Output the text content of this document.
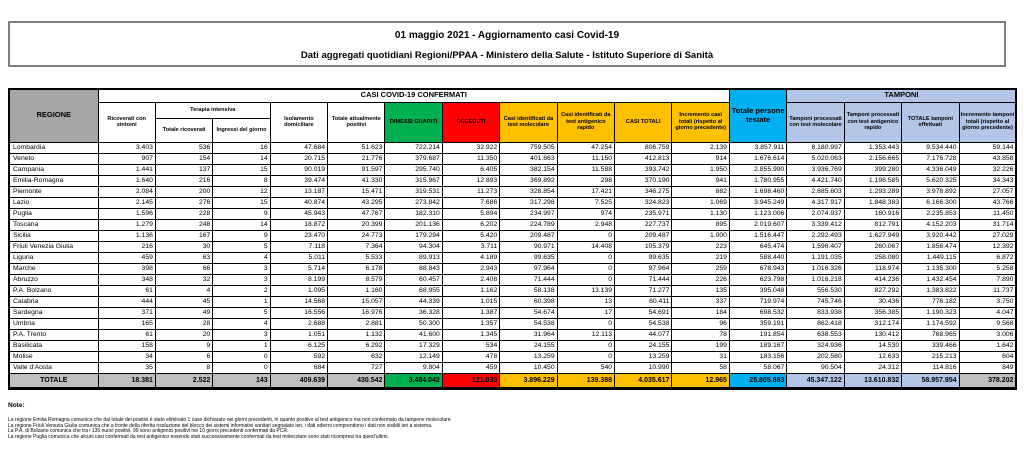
01 maggio 2021 - Aggiornamento casi Covid-19
Dati aggregati quotidiani Regioni/PPAA - Ministero della Salute - Istituto Superiore di Sanità
REGIONE	CASI COVID-19 CONFERMATI											Totale persone testate	TAMPONI			
	Ricoverati con sintomi	Terapia intensiva		Isolamento domiciliare	Totale attualmente positivi	DIMESSI GUARITI	DECEDUTI	Casi identificati da test molecolare	Casi identificati da test antigenico rapido	CASI TOTALI	Incremento casi totali (rispetto al giorno precedente)		Tamponi processati con test molecolare	Tamponi processati con test antigenico rapido	TOTALE tamponi effettuati	Incremento tamponi totali (rispetto al giorno precedente)
		Totale ricoverati	Ingressi del giorno													
Lombardia	3.403	536	16	47.684	51.623	722.214	32.922	759.505	47.254	806.759	2.139	3.857.911	8.180.997	1.353.443	9.534.440	59.144
Veneto	907	154	14	20.715	21.776	379.687	11.350	401.663	11.150	412.813	914	1.676.614	5.020.063	2.156.665	7.176.728	43.858
Campania	1.441	137	15	90.019	91.597	295.740	6.405	382.154	11.588	393.742	1.950	2.855.990	3.936.769	399.280	4.336.049	32.226
Emilia-Romagna	1.640	216	8	39.474	41.330	315.967	12.893	369.892	298	370.190	941	1.780.955	4.421.740	1.198.585	5.620.325	34.343
Piemonte	2.084	200	12	13.187	15.471	319.531	11.273	328.854	17.421	346.275	882	1.698.460	2.685.603	1.293.289	3.978.892	27.057
Lazio	2.145	276	15	40.874	43.295	273.842	7.686	317.298	7.525	324.823	1.069	3.945.249	4.317.917	1.848.383	6.166.300	43.766
Puglia	1.596	228	9	45.943	47.767	182.310	5.894	234.997	974	235.971	1.130	1.123.006	2.074.937	160.916	2.235.853	11.450
Toscana	1.279	248	14	18.872	20.399	201.136	6.202	224.789	2.948	227.737	895	2.019.607	3.339.412	812.791	4.152.203	31.714
Sicilia	1.136	167	9	23.470	24.773	179.294	5.420	209.487	0	209.487	1.000	1.516.447	2.292.493	1.627.949	3.920.442	27.029
Friuli Venezia Giulia	216	30	5	7.118	7.364	94.304	3.711	90.971	14.408	105.379	223	645.474	1.596.407	260.067	1.856.474	12.392
Liguria	459	63	4	5.011	5.533	89.913	4.189	99.635	0	99.635	219	588.440	1.191.035	258.080	1.449.115	6.872
Marche	398	66	3	5.714	6.178	88.843	2.943	97.964	0	97.964	259	678.943	1.016.326	118.974	1.135.300	5.258
Abruzzo	348	32	3	8.199	8.579	60.457	2.408	71.444	0	71.444	226	623.798	1.018.218	414.236	1.432.454	7.890
P.A. Bolzano	61	4	2	1.095	1.160	68.955	1.162	58.138	13.139	71.277	135	395.048	556.530	827.292	1.383.822	11.737
Calabria	444	45	1	14.568	15.057	44.339	1.015	60.398	13	60.411	337	719.974	745.746	30.436	776.182	3.750
Sardegna	371	49	5	16.556	16.976	36.328	1.387	54.674	17	54.691	184	698.532	833.938	356.385	1.190.323	4.047
Umbria	165	28	4	2.688	2.881	50.300	1.357	54.538	0	54.538	96	359.191	862.418	312.174	1.174.592	9.568
P.A. Trento	61	20	3	1.051	1.132	41.600	1.345	31.964	12.113	44.077	78	191.854	638.553	130.412	768.965	3.006
Basilicata	158	9	1	6.125	6.292	17.329	534	24.155	0	24.155	199	189.167	324.936	14.530	339.466	1.642
Molise	34	6	0	592	632	12.149	478	13.259	0	13.259	31	183.156	202.580	12.633	215.213	604
Valle d'Aosta	35	8	0	684	727	9.804	459	10.450	540	10.990	58	58.067	90.504	24.312	114.816	849
TOTALE	18.381	2.522	143	409.639	430.542	3.484.042	121.033	3.896.229	139.388	4.035.617	12.965	25.805.883	45.347.122	13.610.832	58.957.954	378.202
Note:
La regione Emilia Romagna comunica che dal totale dei positivi è stato eliminato 1 caso dichiarato nei giorni precedenti, in quanto positivo al test antigenico ma non confermato da tampone molecolare.
La regione Friuli Venezia Giulia comunica che a fronte della riferita risoluzione del blocco dei sistemi informativi sanitari segnalato ieri, i dati odierni comprendono i dati non visibili ieri a sistema.
La P.A. di Bolzano comunica che tra i 135 nuovi positivi, 99 sono antigenici positivi nei 10 giorni precedenti confermati da PCR.
La regione Puglia comunica che alcuni casi confermati da test antigenico essendo stati successivamente confermati da test molecolare sono stati ricompresi tra quest'ultimi.
